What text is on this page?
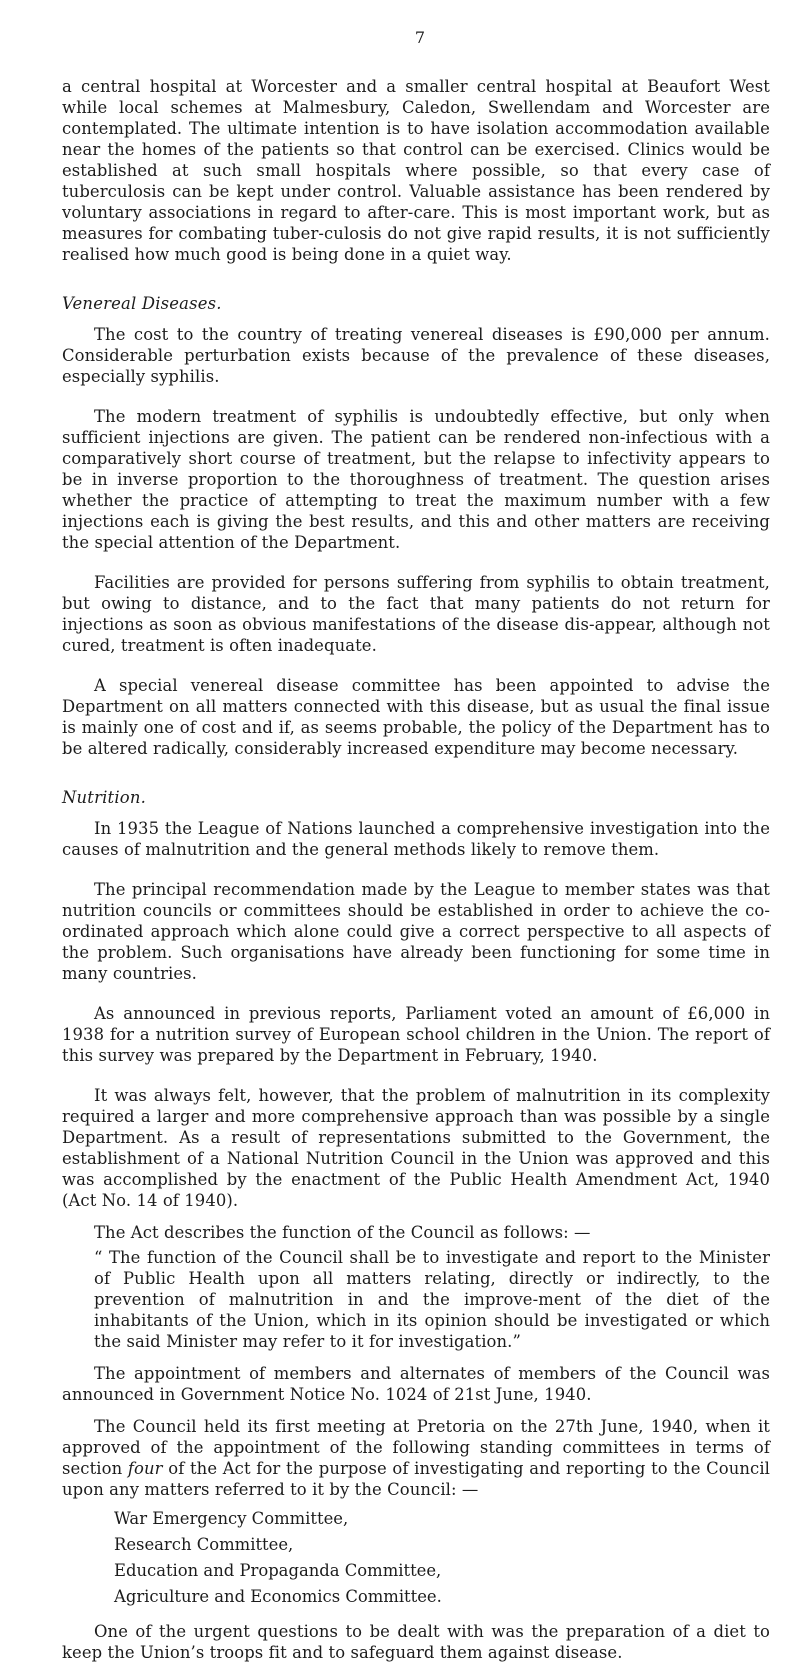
7

a central hospital at Worcester and a smaller central hospital at Beaufort West while local schemes at Malmesbury, Caledon, Swellendam and Worcester are contemplated. The ultimate intention is to have isolation accommodation available near the homes of the patients so that control can be exercised. Clinics would be established at such small hospitals where possible, so that every case of tuberculosis can be kept under control. Valuable assistance has been rendered by voluntary associations in regard to after-care. This is most important work, but as measures for combating tuber-culosis do not give rapid results, it is not sufficiently realised how much good is being done in a quiet way.

Venereal Diseases.

The cost to the country of treating venereal diseases is £90,000 per annum. Considerable perturbation exists because of the prevalence of these diseases, especially syphilis.

The modern treatment of syphilis is undoubtedly effective, but only when sufficient injections are given. The patient can be rendered non-infectious with a comparatively short course of treatment, but the relapse to infectivity appears to be in inverse proportion to the thoroughness of treatment. The question arises whether the practice of attempting to treat the maximum number with a few injections each is giving the best results, and this and other matters are receiving the special attention of the Department.

Facilities are provided for persons suffering from syphilis to obtain treatment, but owing to distance, and to the fact that many patients do not return for injections as soon as obvious manifestations of the disease dis-appear, although not cured, treatment is often inadequate.

A special venereal disease committee has been appointed to advise the Department on all matters connected with this disease, but as usual the final issue is mainly one of cost and if, as seems probable, the policy of the Department has to be altered radically, considerably increased expenditure may become necessary.

Nutrition.

In 1935 the League of Nations launched a comprehensive investigation into the causes of malnutrition and the general methods likely to remove them.

The principal recommendation made by the League to member states was that nutrition councils or committees should be established in order to achieve the co-ordinated approach which alone could give a correct perspective to all aspects of the problem. Such organisations have already been functioning for some time in many countries.

As announced in previous reports, Parliament voted an amount of £6,000 in 1938 for a nutrition survey of European school children in the Union. The report of this survey was prepared by the Department in February, 1940.

It was always felt, however, that the problem of malnutrition in its complexity required a larger and more comprehensive approach than was possible by a single Department. As a result of representations submitted to the Government, the establishment of a National Nutrition Council in the Union was approved and this was accomplished by the enactment of the Public Health Amendment Act, 1940 (Act No. 14 of 1940).

The Act describes the function of the Council as follows: —

“ The function of the Council shall be to investigate and report to the Minister of Public Health upon all matters relating, directly or indirectly, to the prevention of malnutrition in and the improve-ment of the diet of the inhabitants of the Union, which in its opinion should be investigated or which the said Minister may refer to it for investigation.”

The appointment of members and alternates of members of the Council was announced in Government Notice No. 1024 of 21st June, 1940.

The Council held its first meeting at Pretoria on the 27th June, 1940, when it approved of the appointment of the following standing committees in terms of section four of the Act for the purpose of investigating and reporting to the Council upon any matters referred to it by the Council: —

War Emergency Committee,
Research Committee,
Education and Propaganda Committee,
Agriculture and Economics Committee.

One of the urgent questions to be dealt with was the preparation of a diet to keep the Union’s troops fit and to safeguard them against disease.
